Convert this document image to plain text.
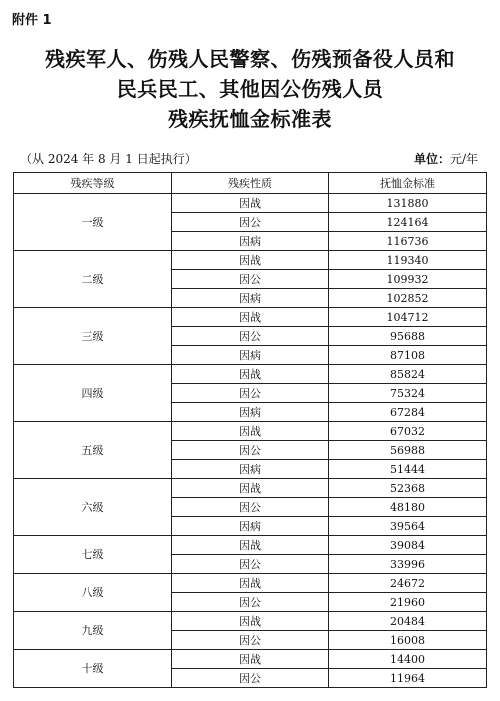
附件 1
残疾军人、伤残人民警察、伤残预备役人员和
民兵民工、其他因公伤残人员
残疾抚恤金标准表
（从 2024 年 8 月 1 日起执行）	单位：元/年
残疾等级	残疾性质	抚恤金标准
一级	因战	131880
	因公	124164
	因病	116736
二级	因战	119340
	因公	109932
	因病	102852
三级	因战	104712
	因公	95688
	因病	87108
四级	因战	85824
	因公	75324
	因病	67284
五级	因战	67032
	因公	56988
	因病	51444
六级	因战	52368
	因公	48180
	因病	39564
七级	因战	39084
	因公	33996
八级	因战	24672
	因公	21960
九级	因战	20484
	因公	16008
十级	因战	14400
	因公	11964
